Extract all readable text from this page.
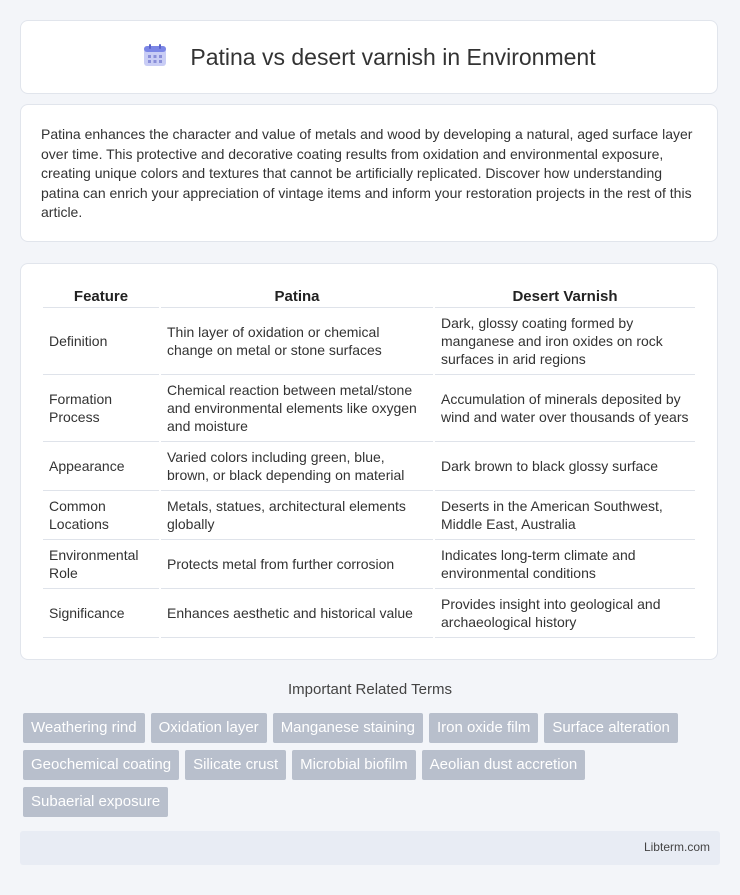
Patina vs desert varnish in Environment
Patina enhances the character and value of metals and wood by developing a natural, aged surface layer over time. This protective and decorative coating results from oxidation and environmental exposure, creating unique colors and textures that cannot be artificially replicated. Discover how understanding patina can enrich your appreciation of vintage items and inform your restoration projects in the rest of this article.
Feature	Patina	Desert Varnish
Definition	Thin layer of oxidation or chemical change on metal or stone surfaces	Dark, glossy coating formed by manganese and iron oxides on rock surfaces in arid regions
Formation Process	Chemical reaction between metal/stone and environmental elements like oxygen and moisture	Accumulation of minerals deposited by wind and water over thousands of years
Appearance	Varied colors including green, blue, brown, or black depending on material	Dark brown to black glossy surface
Common Locations	Metals, statues, architectural elements globally	Deserts in the American Southwest, Middle East, Australia
Environmental Role	Protects metal from further corrosion	Indicates long-term climate and environmental conditions
Significance	Enhances aesthetic and historical value	Provides insight into geological and archaeological history
Important Related Terms
Weathering rind	Oxidation layer	Manganese staining	Iron oxide film	Surface alteration
Geochemical coating	Silicate crust	Microbial biofilm	Aeolian dust accretion
Subaerial exposure
Libterm.com
